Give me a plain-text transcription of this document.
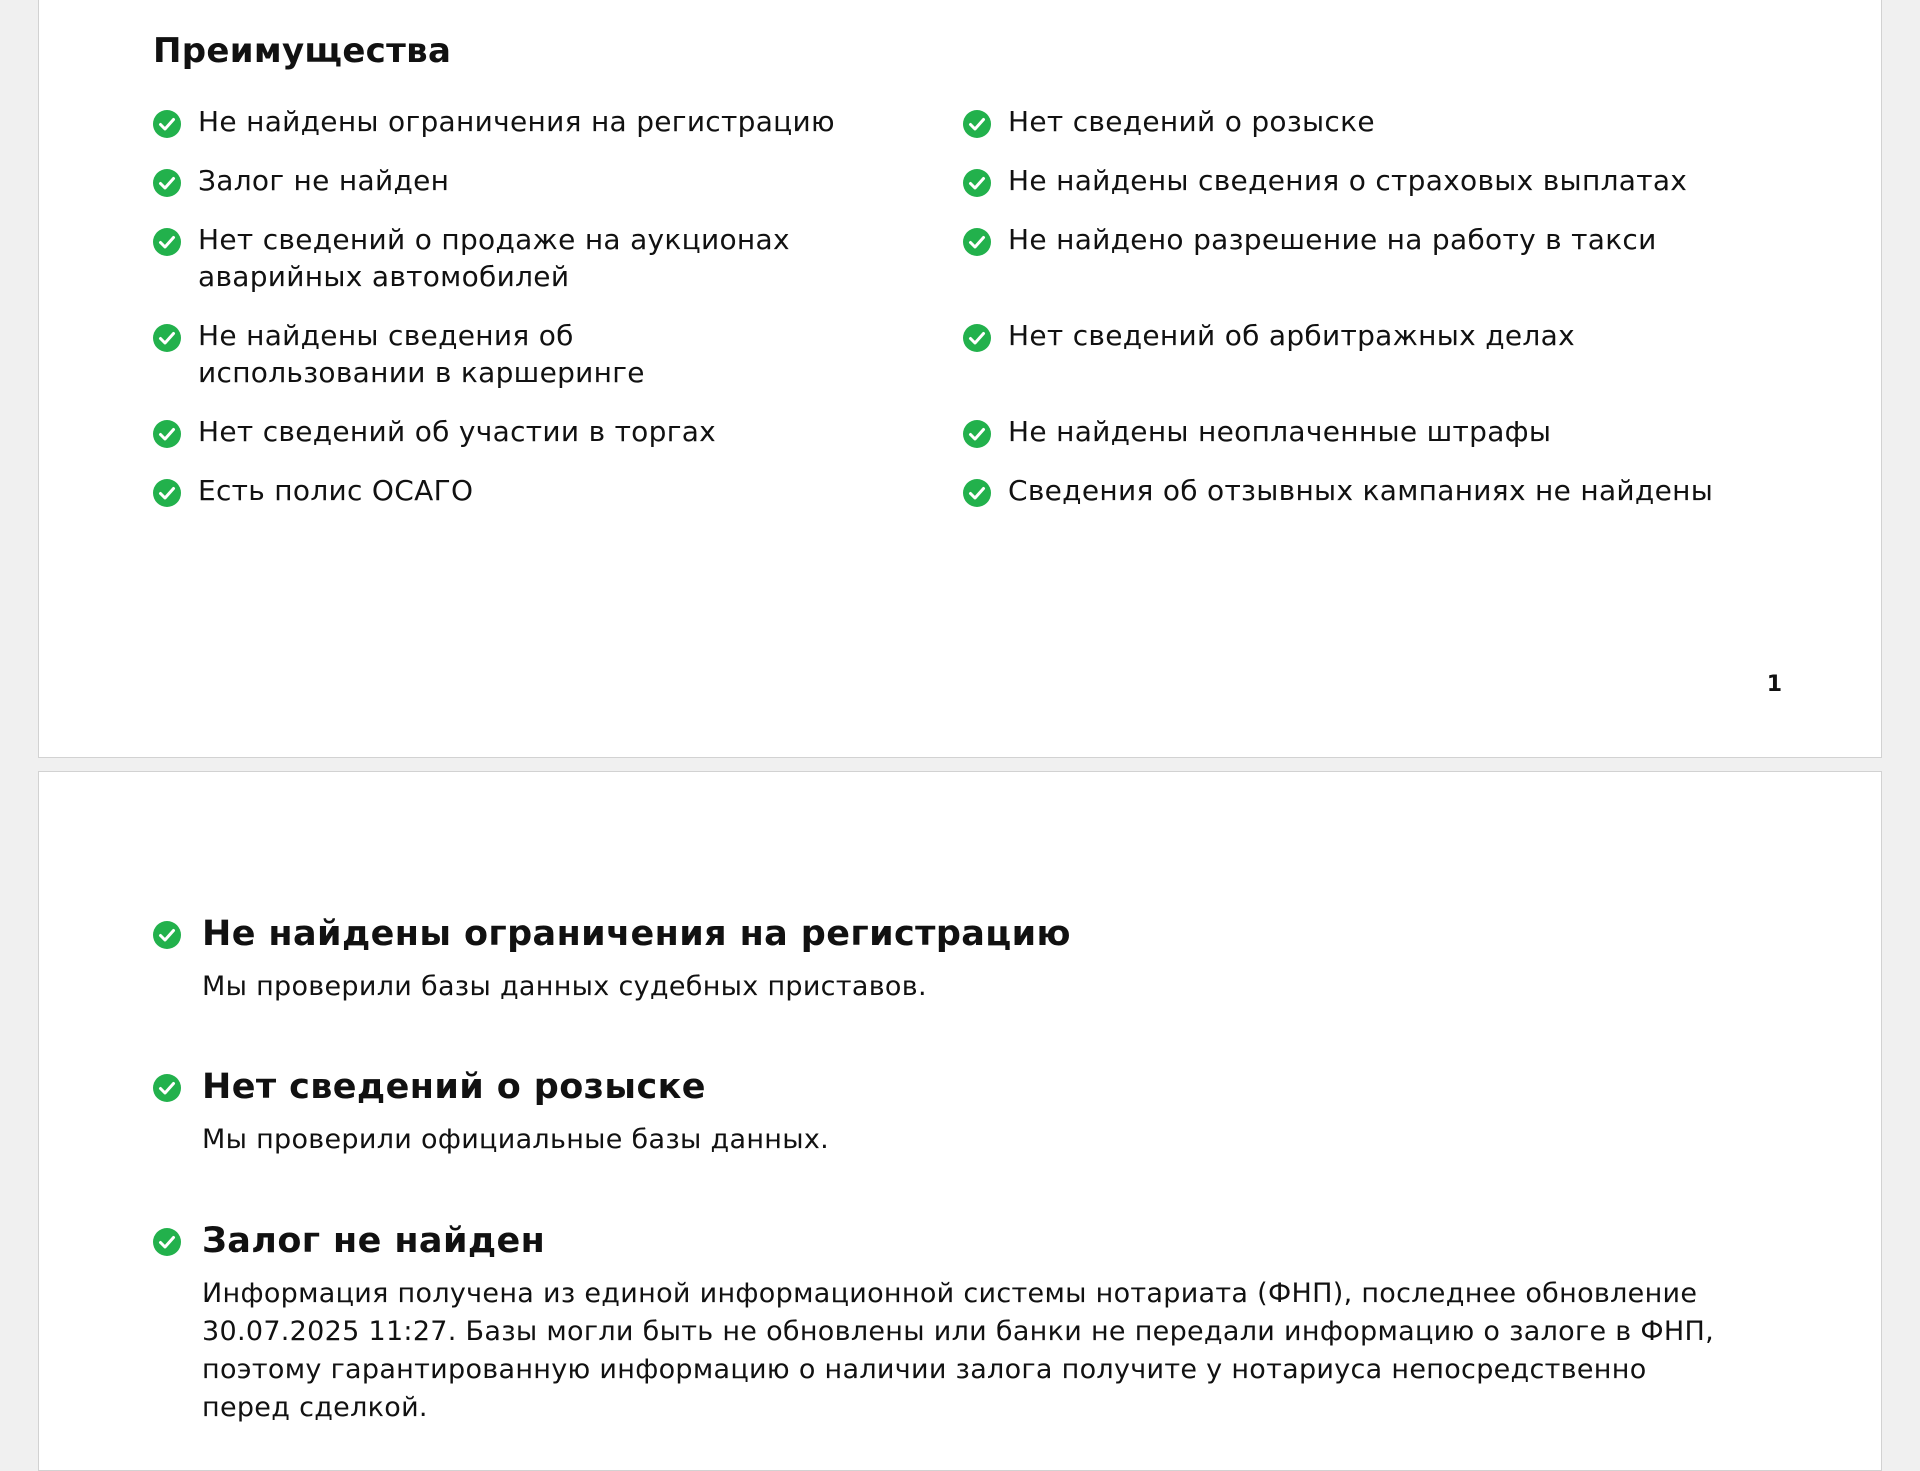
Преимущества
Не найдены ограничения на регистрацию
Залог не найден
Нет сведений о продаже на аукционах аварийных автомобилей
Не найдены сведения об использовании в каршеринге
Нет сведений об участии в торгах
Есть полис ОСАГО
Нет сведений о розыске
Не найдены сведения о страховых выплатах
Не найдено разрешение на работу в такси
Нет сведений об арбитражных делах
Не найдены неоплаченные штрафы
Сведения об отзывных кампаниях не найдены
1
Не найдены ограничения на регистрацию

Мы проверили базы данных судебных приставов.

Нет сведений о розыске

Мы проверили официальные базы данных.

Залог не найден

Информация получена из единой информационной системы нотариата (ФНП), последнее обновление 30.07.2025 11:27. Базы могли быть не обновлены или банки не передали информацию о залоге в ФНП, поэтому гарантированную информацию о наличии залога получите у нотариуса непосредственно перед сделкой.
